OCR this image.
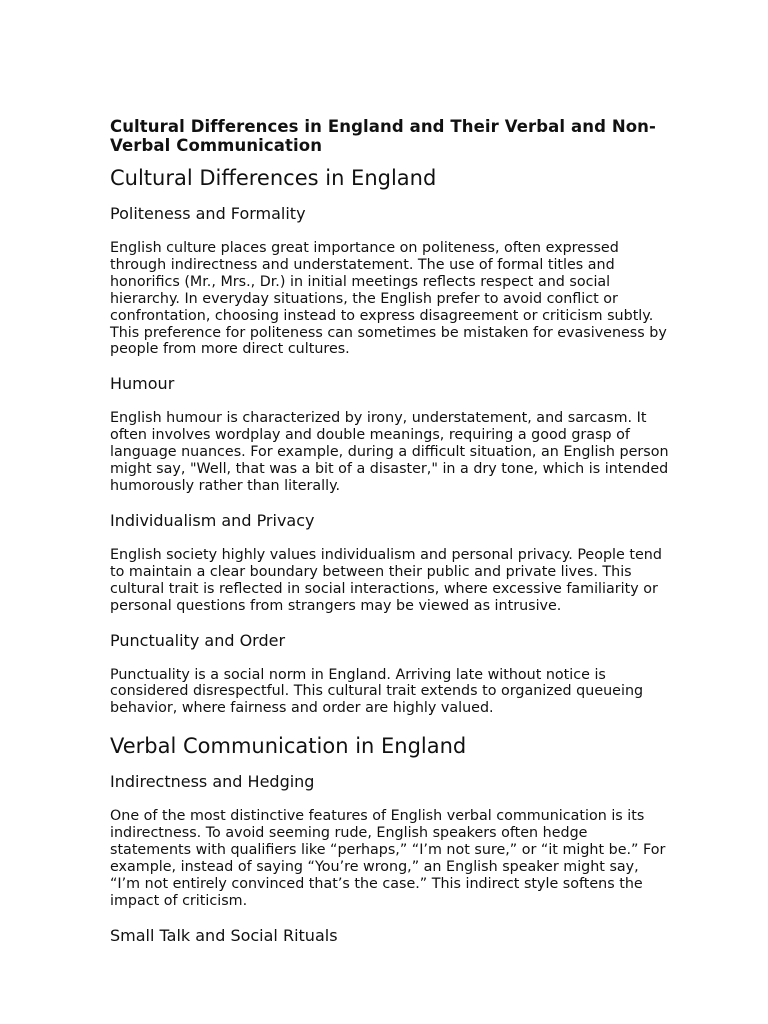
Cultural Differences in England and Their Verbal and Non-Verbal Communication
Cultural Differences in England
Politeness and Formality
English culture places great importance on politeness, often expressed through indirectness and understatement. The use of formal titles and honorifics (Mr., Mrs., Dr.) in initial meetings reflects respect and social hierarchy. In everyday situations, the English prefer to avoid conflict or confrontation, choosing instead to express disagreement or criticism subtly. This preference for politeness can sometimes be mistaken for evasiveness by people from more direct cultures.
Humour
English humour is characterized by irony, understatement, and sarcasm. It often involves wordplay and double meanings, requiring a good grasp of language nuances. For example, during a difficult situation, an English person might say, "Well, that was a bit of a disaster," in a dry tone, which is intended humorously rather than literally.
Individualism and Privacy
English society highly values individualism and personal privacy. People tend to maintain a clear boundary between their public and private lives. This cultural trait is reflected in social interactions, where excessive familiarity or personal questions from strangers may be viewed as intrusive.
Punctuality and Order
Punctuality is a social norm in England. Arriving late without notice is considered disrespectful. This cultural trait extends to organized queueing behavior, where fairness and order are highly valued.
Verbal Communication in England
Indirectness and Hedging
One of the most distinctive features of English verbal communication is its indirectness. To avoid seeming rude, English speakers often hedge statements with qualifiers like “perhaps,” “I’m not sure,” or “it might be.” For example, instead of saying “You’re wrong,” an English speaker might say, “I’m not entirely convinced that’s the case.” This indirect style softens the impact of criticism.
Small Talk and Social Rituals
